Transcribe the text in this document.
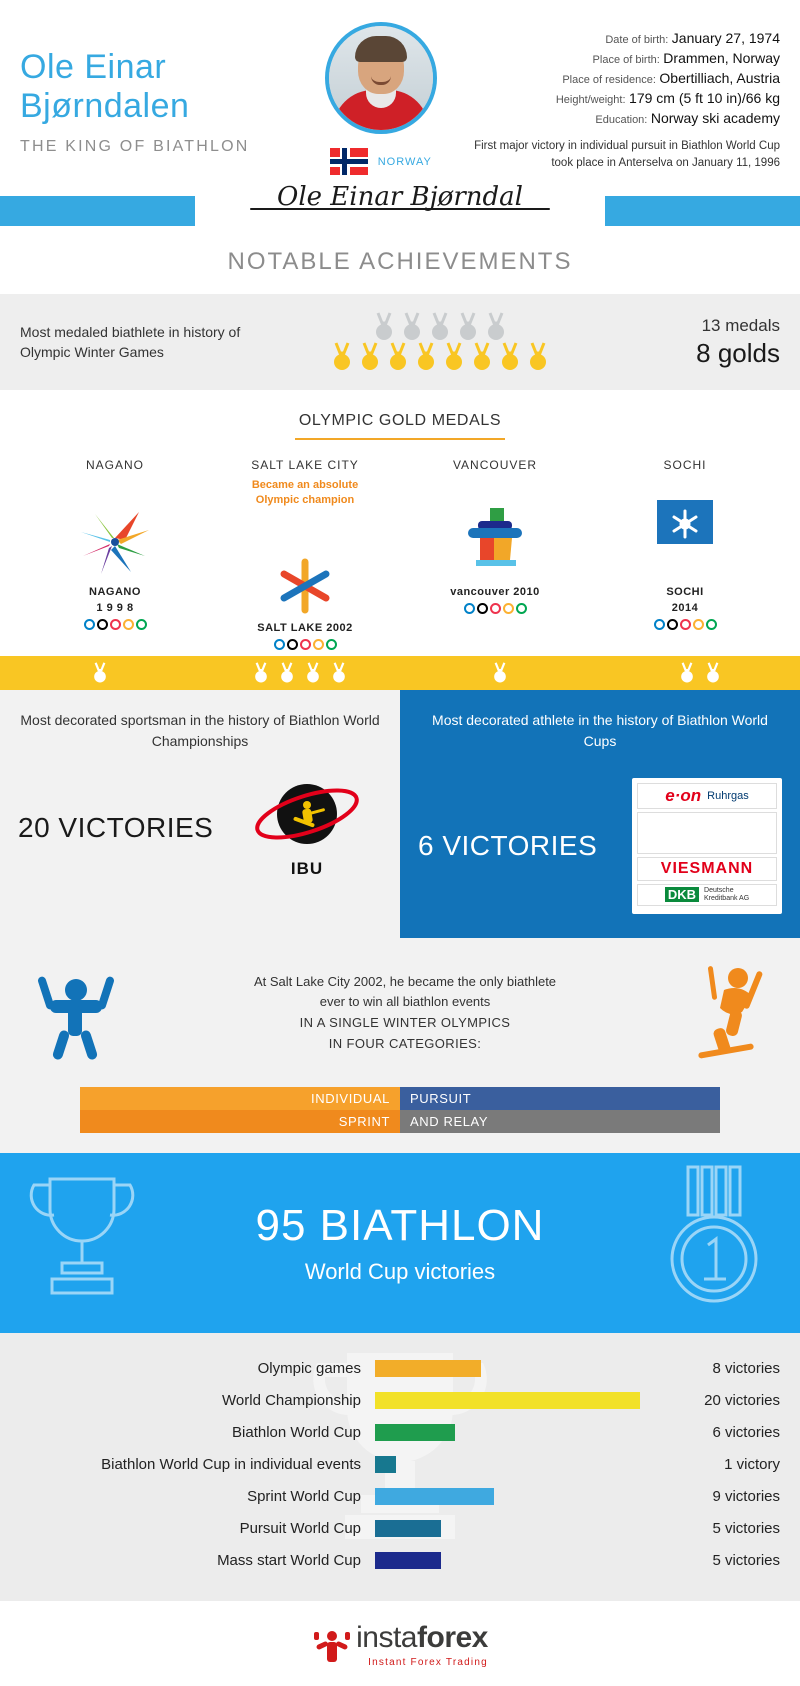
Ole Einar
Bjørndalen
THE KING OF BIATHLON
NORWAY
Date of birth: January 27, 1974
Place of birth: Drammen, Norway
Place of residence: Obertilliach, Austria
Height/weight: 179 cm (5 ft 10 in)/66 kg
Education: Norway ski academy
First major victory in individual pursuit in Biathlon World Cup took place in Anterselva on January 11, 1996
Ole Einar Bjørndal
NOTABLE ACHIEVEMENTS
Most medaled biathlete in history of Olympic Winter Games
13 medals
8 golds
OLYMPIC GOLD MEDALS
NAGANO
NAGANO
1 9 9 8
SALT LAKE CITY
Became an absolute
Olympic champion
SALT LAKE 2002
VANCOUVER
vancouver 2010
SOCHI
SOCHI
2014
Most decorated sportsman in the history of Biathlon World Championships
20 VICTORIES
IBU
Most decorated athlete in the history of Biathlon World Cups
6 VICTORIES
e·on Ruhrgas
IBU WORLD CUP BIATHLON
VIESMANN
DKB	Deutsche
Kreditbank AG
At Salt Lake City 2002, he became the only biathlete
ever to win all biathlon events
IN A SINGLE WINTER OLYMPICS
IN FOUR CATEGORIES:
INDIVIDUAL
SPRINT
PURSUIT
AND RELAY
95 BIATHLON
World Cup victories
Olympic games	8 victories
World Championship	20 victories
Biathlon World Cup	6 victories
Biathlon World Cup in individual events	1 victory
Sprint World Cup	9 victories
Pursuit World Cup	5 victories
Mass start World Cup	5 victories
instaforex
Instant Forex Trading
